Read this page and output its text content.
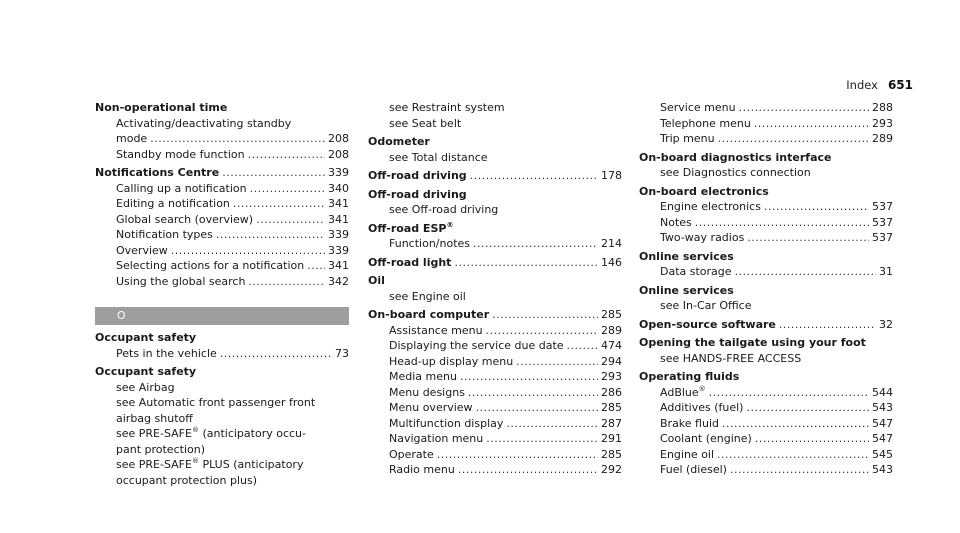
Index 651
Non-operational time
Activating/deactivating standby
mode .....	208
Standby mode function .....	208
Notifications Centre .....	339
Calling up a notification .....	340
Editing a notification .....	341
Global search (overview) .....	341
Notification types .....	339
Overview .....	339
Selecting actions for a notification ..... 341
Using the global search .....	342
O
Occupant safety
Pets in the vehicle .....	73
Occupant safety
see Airbag
see Automatic front passenger front
airbag shutoff
see PRE-SAFE® (anticipatory occu-
pant protection)
see PRE-SAFE® PLUS (anticipatory
occupant protection plus)
see Restraint system
see Seat belt
Odometer
see Total distance
Off-road driving .....	178
Off-road driving
see Off-road driving
Off-road ESP®
Function/notes .....	214
Off-road light .....	146
Oil
see Engine oil
On-board computer .....	285
Assistance menu .....	289
Displaying the service due date .....	474
Head-up display menu .....	294
Media menu .....	293
Menu designs .....	286
Menu overview .....	285
Multifunction display .....	287
Navigation menu .....	291
Operate .....	285
Radio menu .....	292
Service menu .....	288
Telephone menu .....	293
Trip menu .....	289
On-board diagnostics interface
see Diagnostics connection
On-board electronics
Engine electronics .....	537
Notes .....	537
Two-way radios .....	537
Online services
Data storage .....	31
Online services
see In-Car Office
Open-source software .....	32
Opening the tailgate using your foot
see HANDS-FREE ACCESS
Operating fluids
AdBlue® .....	544
Additives (fuel) .....	543
Brake fluid .....	547
Coolant (engine) .....	547
Engine oil .....	545
Fuel (diesel) .....	543
